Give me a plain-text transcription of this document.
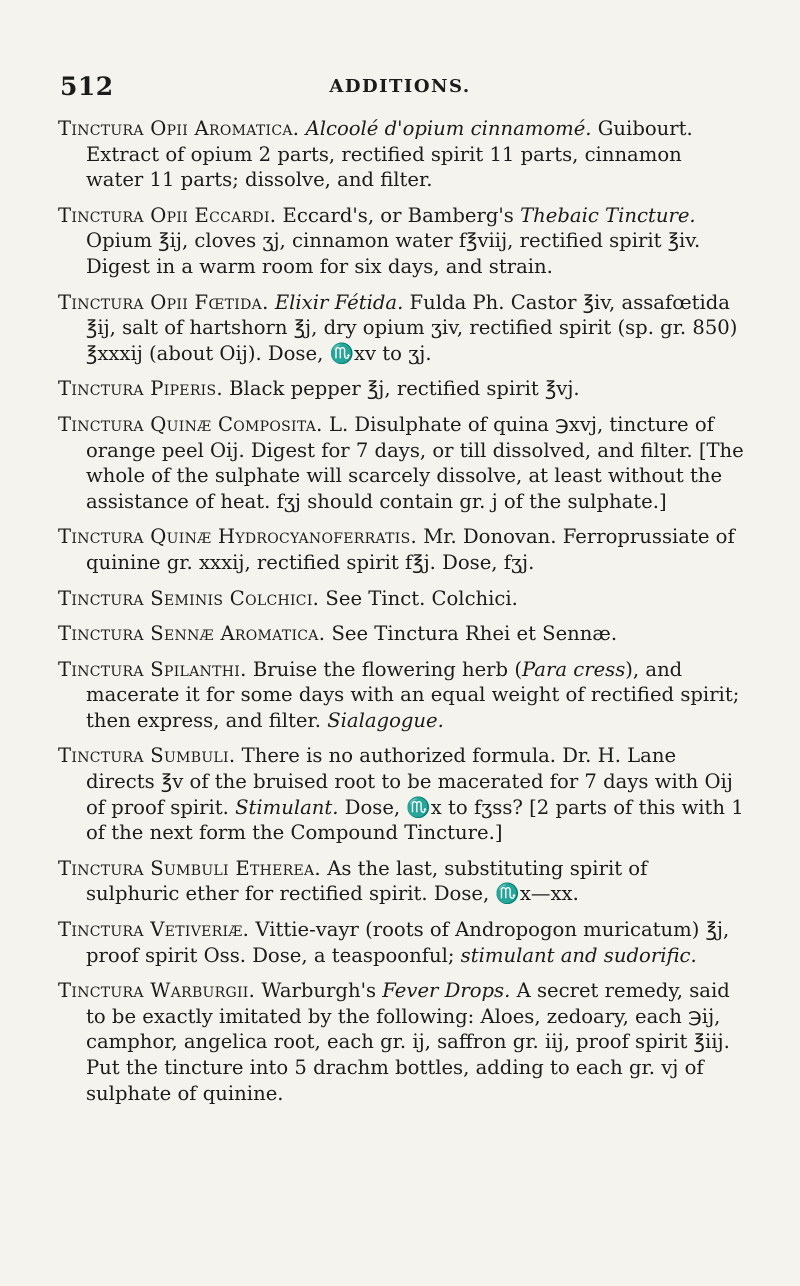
512	ADDITIONS.

Tinctura Opii Aromatica. Alcoolé d'opium cinnamomé. Guibourt. Extract of opium 2 parts, rectified spirit 11 parts, cinnamon water 11 parts; dissolve, and filter.

Tinctura Opii Eccardi. Eccard's, or Bamberg's Thebaic Tincture. Opium ℥ij, cloves ʒj, cinnamon water f℥viij, rectified spirit ℥iv. Digest in a warm room for six days, and strain.

Tinctura Opii Fœtida. Elixir Fétida. Fulda Ph. Castor ℥iv, assafœtida ℥ij, salt of hartshorn ℥j, dry opium ʒiv, rectified spirit (sp. gr. 850) ℥xxxij (about Oij). Dose, ♏xv to ʒj.

Tinctura Piperis. Black pepper ℥j, rectified spirit ℥vj.

Tinctura Quinæ Composita. L. Disulphate of quina ℈xvj, tincture of orange peel Oij. Digest for 7 days, or till dissolved, and filter. [The whole of the sulphate will scarcely dissolve, at least without the assistance of heat. fʒj should contain gr. j of the sulphate.]

Tinctura Quinæ Hydrocyanoferratis. Mr. Donovan. Ferroprussiate of quinine gr. xxxij, rectified spirit f℥j. Dose, fʒj.

Tinctura Seminis Colchici. See Tinct. Colchici.

Tinctura Sennæ Aromatica. See Tinctura Rhei et Sennæ.

Tinctura Spilanthi. Bruise the flowering herb (Para cress), and macerate it for some days with an equal weight of rectified spirit; then express, and filter. Sialagogue.

Tinctura Sumbuli. There is no authorized formula. Dr. H. Lane directs ℥v of the bruised root to be macerated for 7 days with Oij of proof spirit. Stimulant. Dose, ♏x to fʒss? [2 parts of this with 1 of the next form the Compound Tincture.]

Tinctura Sumbuli Etherea. As the last, substituting spirit of sulphuric ether for rectified spirit. Dose, ♏x—xx.

Tinctura Vetiveriæ. Vittie-vayr (roots of Andropogon muricatum) ℥j, proof spirit Oss. Dose, a teaspoonful; stimulant and sudorific.

Tinctura Warburgii. Warburgh's Fever Drops. A secret remedy, said to be exactly imitated by the following: Aloes, zedoary, each ℈ij, camphor, angelica root, each gr. ij, saffron gr. iij, proof spirit ℥iij. Put the tincture into 5 drachm bottles, adding to each gr. vj of sulphate of quinine.
